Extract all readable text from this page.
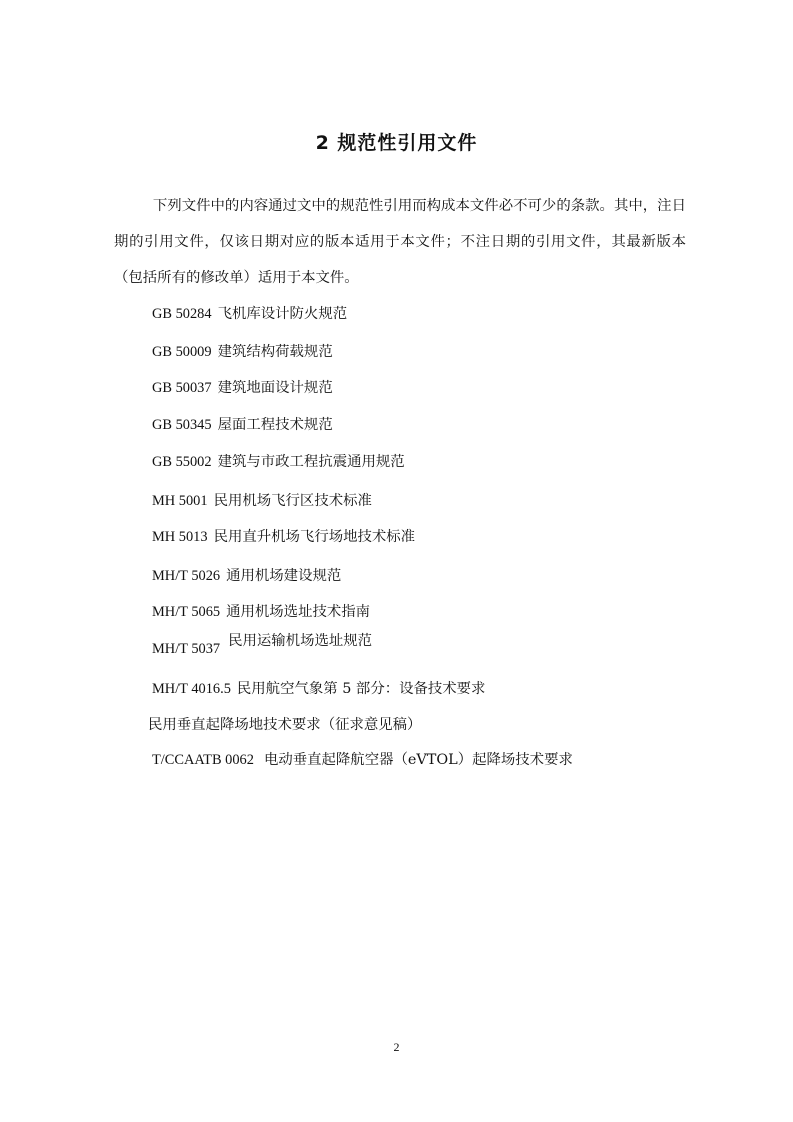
2 规范性引用文件
下列文件中的内容通过文中的规范性引用而构成本文件必不可少的条款。其中，注日期的引用文件，仅该日期对应的版本适用于本文件；不注日期的引用文件，其最新版本（包括所有的修改单）适用于本文件。
GB 50284 飞机库设计防火规范
GB 50009 建筑结构荷载规范
GB 50037 建筑地面设计规范
GB 50345 屋面工程技术规范
GB 55002 建筑与市政工程抗震通用规范
MH 5001 民用机场飞行区技术标准
MH 5013 民用直升机场飞行场地技术标准
MH/T 5026 通用机场建设规范
MH/T 5065 通用机场选址技术指南
MH/T 5037 民用运输机场选址规范
MH/T 4016.5 民用航空气象第 5 部分：设备技术要求
民用垂直起降场地技术要求（征求意见稿）
T/CCAATB 0062 电动垂直起降航空器（eVTOL）起降场技术要求
2
